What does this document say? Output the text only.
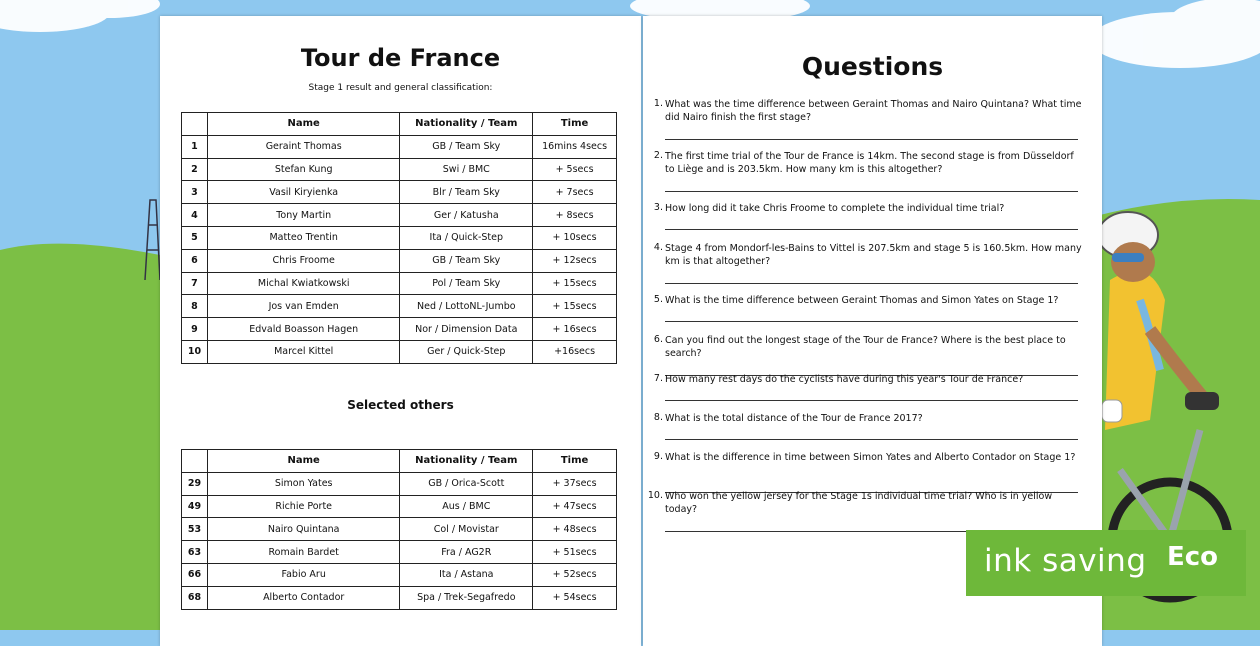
Tour de France
Stage 1 result and general classification:
	Name	Nationality / Team	Time
1	Geraint Thomas	GB / Team Sky	16mins 4secs
2	Stefan Kung	Swi / BMC	+ 5secs
3	Vasil Kiryienka	Blr / Team Sky	+ 7secs
4	Tony Martin	Ger / Katusha	+ 8secs
5	Matteo Trentin	Ita / Quick-Step	+ 10secs
6	Chris Froome	GB / Team Sky	+ 12secs
7	Michal Kwiatkowski	Pol / Team Sky	+ 15secs
8	Jos van Emden	Ned / LottoNL-Jumbo	+ 15secs
9	Edvald Boasson Hagen	Nor / Dimension Data	+ 16secs
10	Marcel Kittel	Ger / Quick-Step	+16secs
Selected others
	Name	Nationality / Team	Time
29	Simon Yates	GB / Orica-Scott	+ 37secs
49	Richie Porte	Aus / BMC	+ 47secs
53	Nairo Quintana	Col / Movistar	+ 48secs
63	Romain Bardet	Fra / AG2R	+ 51secs
66	Fabio Aru	Ita / Astana	+ 52secs
68	Alberto Contador	Spa / Trek-Segafredo	+ 54secs
Questions
1. What was the time difference between Geraint Thomas and Nairo Quintana? What time did Nairo finish the first stage?
2. The first time trial of the Tour de France is 14km. The second stage is from Düsseldorf to Liège and is 203.5km. How many km is this altogether?
3. How long did it take Chris Froome to complete the individual time trial?
4. Stage 4 from Mondorf-les-Bains to Vittel is 207.5km and stage 5 is 160.5km. How many km is that altogether?
5. What is the time difference between Geraint Thomas and Simon Yates on Stage 1?
6. Can you find out the longest stage of the Tour de France? Where is the best place to search?
7. How many rest days do the cyclists have during this year's Tour de France?
8. What is the total distance of the Tour de France 2017?
9. What is the difference in time between Simon Yates and Alberto Contador on Stage 1?
10. Who won the yellow jersey for the Stage 1s individual time trial? Who is in yellow today?
ink saving Eco
